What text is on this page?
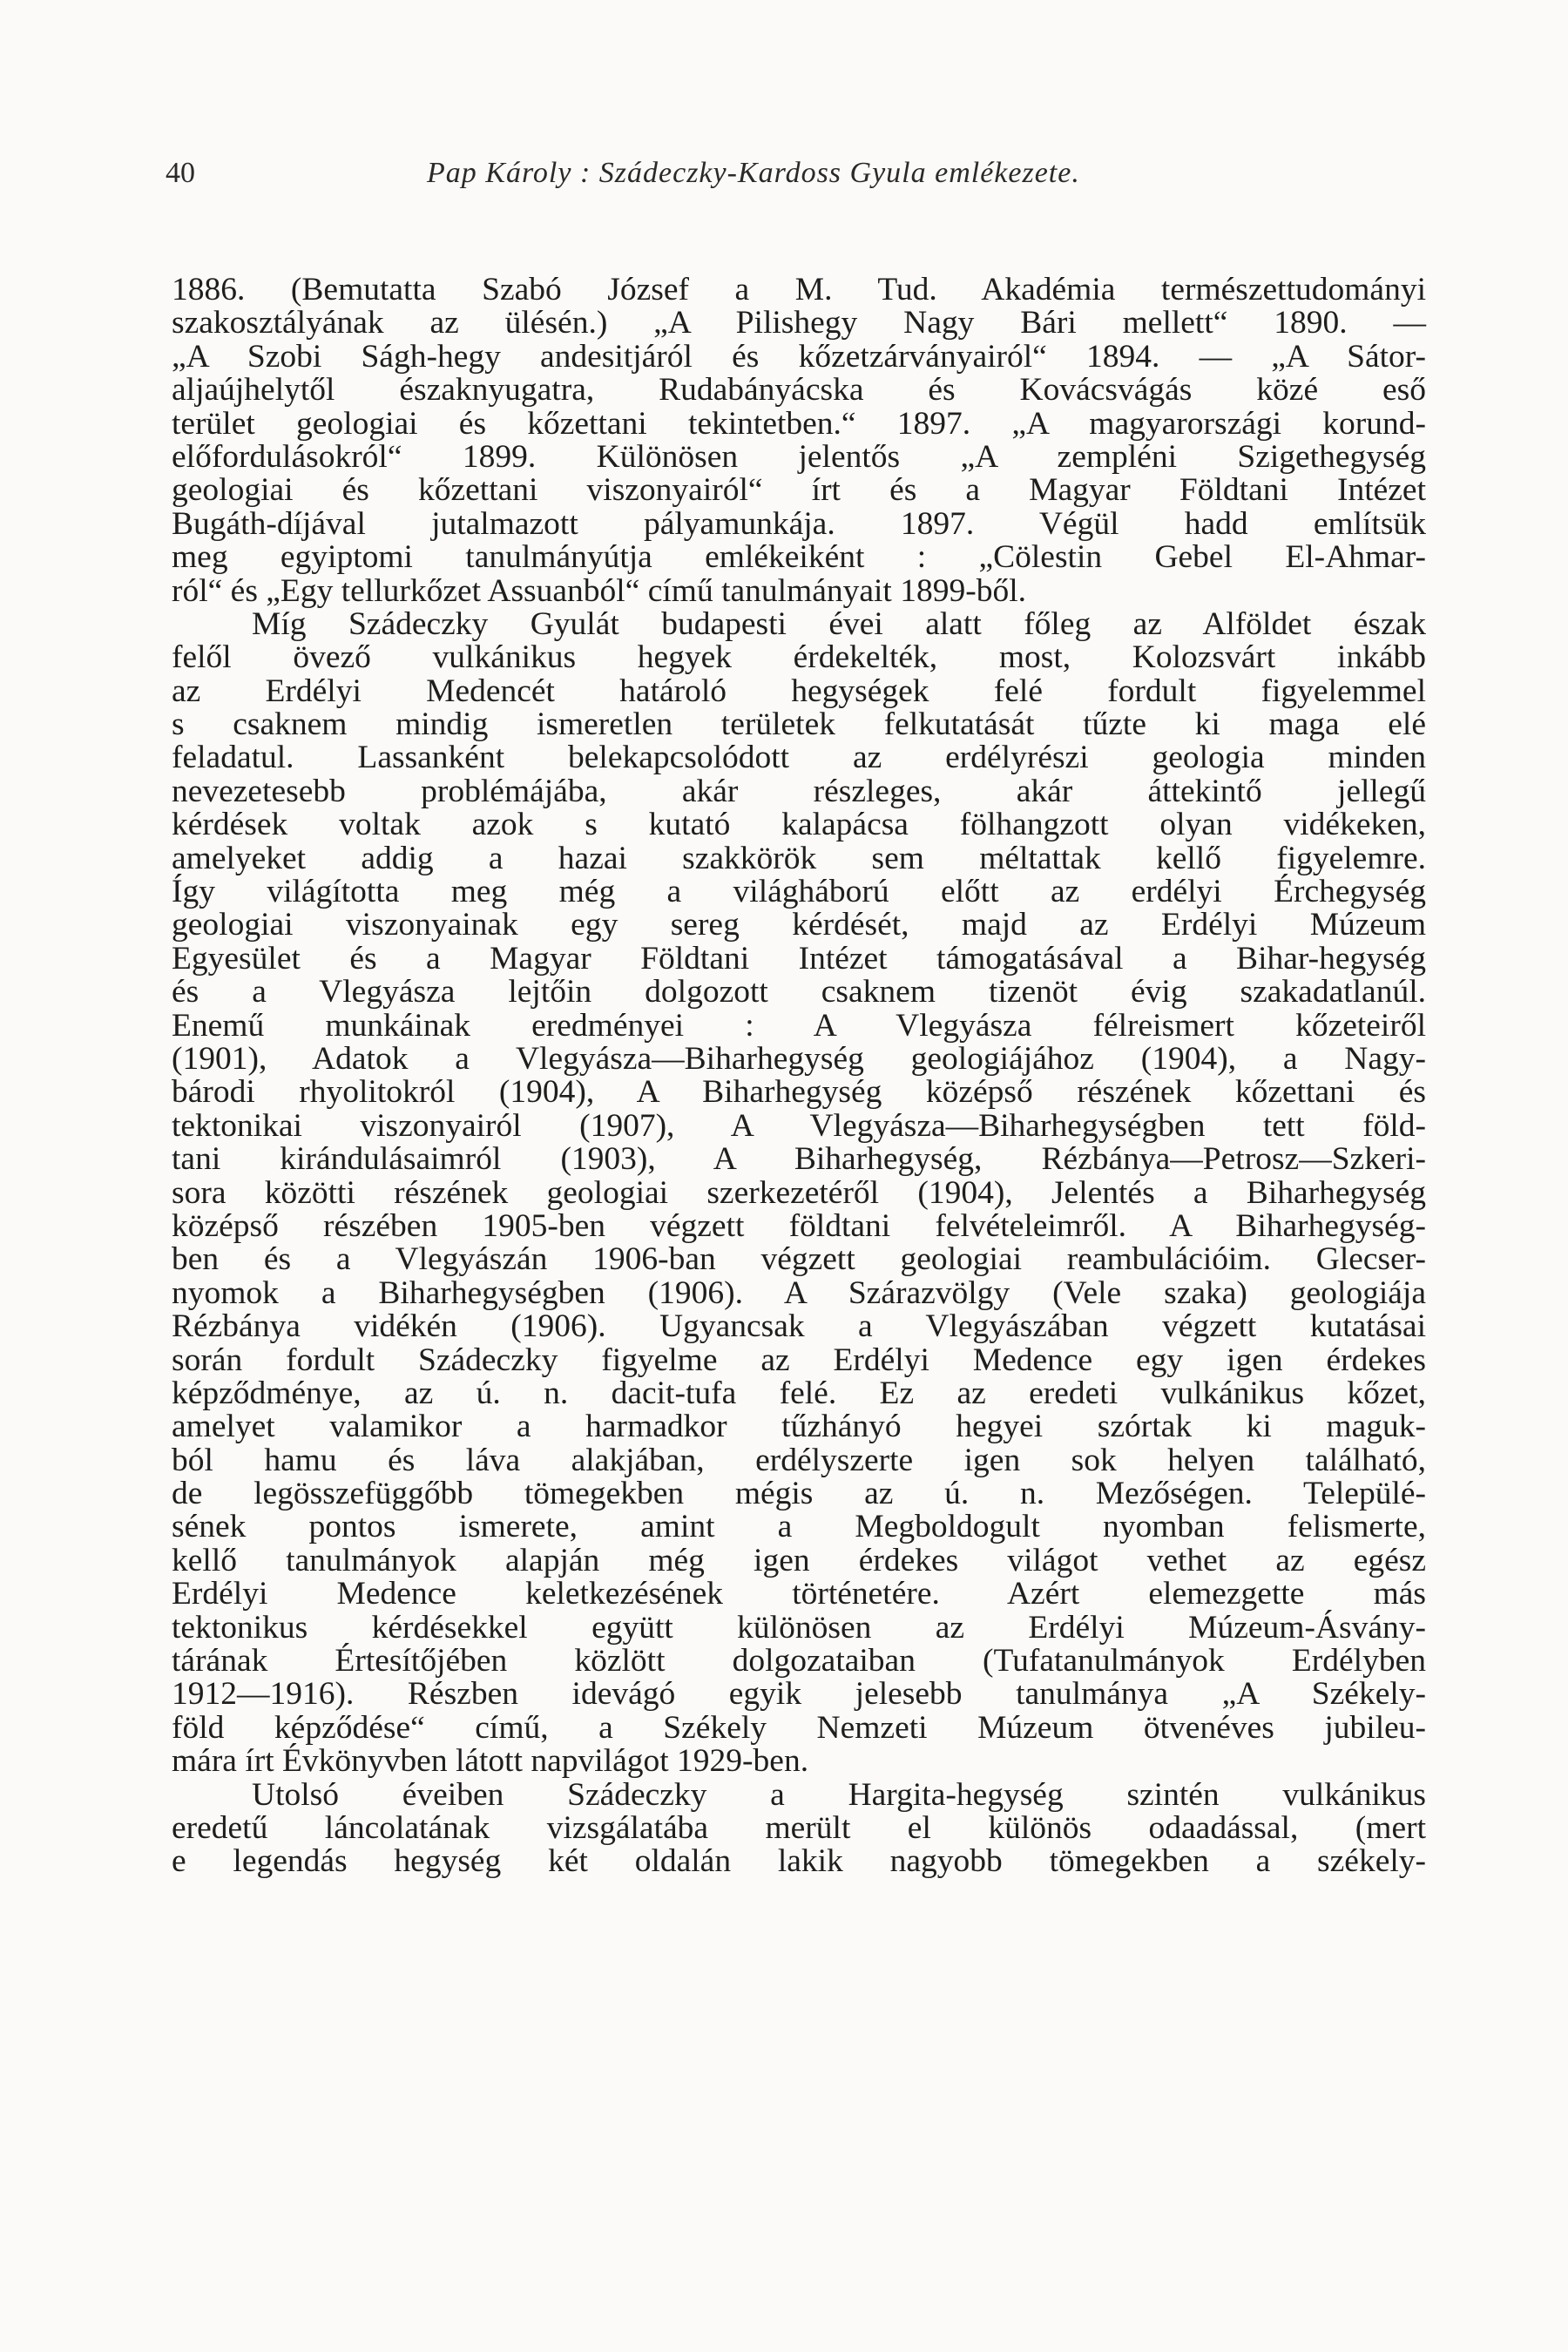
40	Pap Károly : Szádeczky-Kardoss Gyula emlékezete.
1886. (Bemutatta Szabó József a M. Tud. Akadémia természettudományi
szakosztályának az ülésén.) „A Pilishegy Nagy Bári mellett“ 1890. —
„A Szobi Ságh-hegy andesitjáról és kőzetzárványairól“ 1894. — „A Sátor-
aljaújhelytől északnyugatra, Rudabányácska és Kovácsvágás közé eső
terület geologiai és kőzettani tekintetben.“ 1897. „A magyarországi korund-
előfordulásokról“ 1899. Különösen jelentős „A zempléni Szigethegység
geologiai és kőzettani viszonyairól“ írt és a Magyar Földtani Intézet
Bugáth-díjával jutalmazott pályamunkája. 1897. Végül hadd említsük
meg egyiptomi tanulmányútja emlékeiként : „Cölestin Gebel El-Ahmar-
ról“ és „Egy tellurkőzet Assuanból“ című tanulmányait 1899-ből.
Míg Szádeczky Gyulát budapesti évei alatt főleg az Alföldet észak
felől övező vulkánikus hegyek érdekelték, most, Kolozsvárt inkább
az Erdélyi Medencét határoló hegységek felé fordult figyelemmel
s csaknem mindig ismeretlen területek felkutatását tűzte ki maga elé
feladatul. Lassanként belekapcsolódott az erdélyrészi geologia minden
nevezetesebb problémájába, akár részleges, akár áttekintő jellegű
kérdések voltak azok s kutató kalapácsa fölhangzott olyan vidékeken,
amelyeket addig a hazai szakkörök sem méltattak kellő figyelemre.
Így világította meg még a világháború előtt az erdélyi Érchegység
geologiai viszonyainak egy sereg kérdését, majd az Erdélyi Múzeum
Egyesület és a Magyar Földtani Intézet támogatásával a Bihar-hegység
és a Vlegyásza lejtőin dolgozott csaknem tizenöt évig szakadatlanúl.
Enemű munkáinak eredményei : A Vlegyásza félreismert kőzeteiről
(1901), Adatok a Vlegyásza—Biharhegység geologiájához (1904), a Nagy-
bárodi rhyolitokról (1904), A Biharhegység középső részének kőzettani és
tektonikai viszonyairól (1907), A Vlegyásza—Biharhegységben tett föld-
tani kirándulásaimról (1903), A Biharhegység, Rézbánya—Petrosz—Szkeri-
sora közötti részének geologiai szerkezetéről (1904), Jelentés a Biharhegység
középső részében 1905-ben végzett földtani felvételeimről. A Biharhegység-
ben és a Vlegyászán 1906-ban végzett geologiai reambulációim. Glecser-
nyomok a Biharhegységben (1906). A Szárazvölgy (Vele szaka) geologiája
Rézbánya vidékén (1906). Ugyancsak a Vlegyászában végzett kutatásai
során fordult Szádeczky figyelme az Erdélyi Medence egy igen érdekes
képződménye, az ú. n. dacit-tufa felé. Ez az eredeti vulkánikus kőzet,
amelyet valamikor a harmadkor tűzhányó hegyei szórtak ki maguk-
ból hamu és láva alakjában, erdélyszerte igen sok helyen található,
de legösszefüggőbb tömegekben mégis az ú. n. Mezőségen. Települé-
sének pontos ismerete, amint a Megboldogult nyomban felismerte,
kellő tanulmányok alapján még igen érdekes világot vethet az egész
Erdélyi Medence keletkezésének történetére. Azért elemezgette más
tektonikus kérdésekkel együtt különösen az Erdélyi Múzeum-Ásvány-
tárának Értesítőjében közlött dolgozataiban (Tufatanulmányok Erdélyben
1912—1916). Részben idevágó egyik jelesebb tanulmánya „A Székely-
föld képződése“ című, a Székely Nemzeti Múzeum ötvenéves jubileu-
mára írt Évkönyvben látott napvilágot 1929-ben.
Utolsó éveiben Szádeczky a Hargita-hegység szintén vulkánikus
eredetű láncolatának vizsgálatába merült el különös odaadással, (mert
e legendás hegység két oldalán lakik nagyobb tömegekben a székely-
